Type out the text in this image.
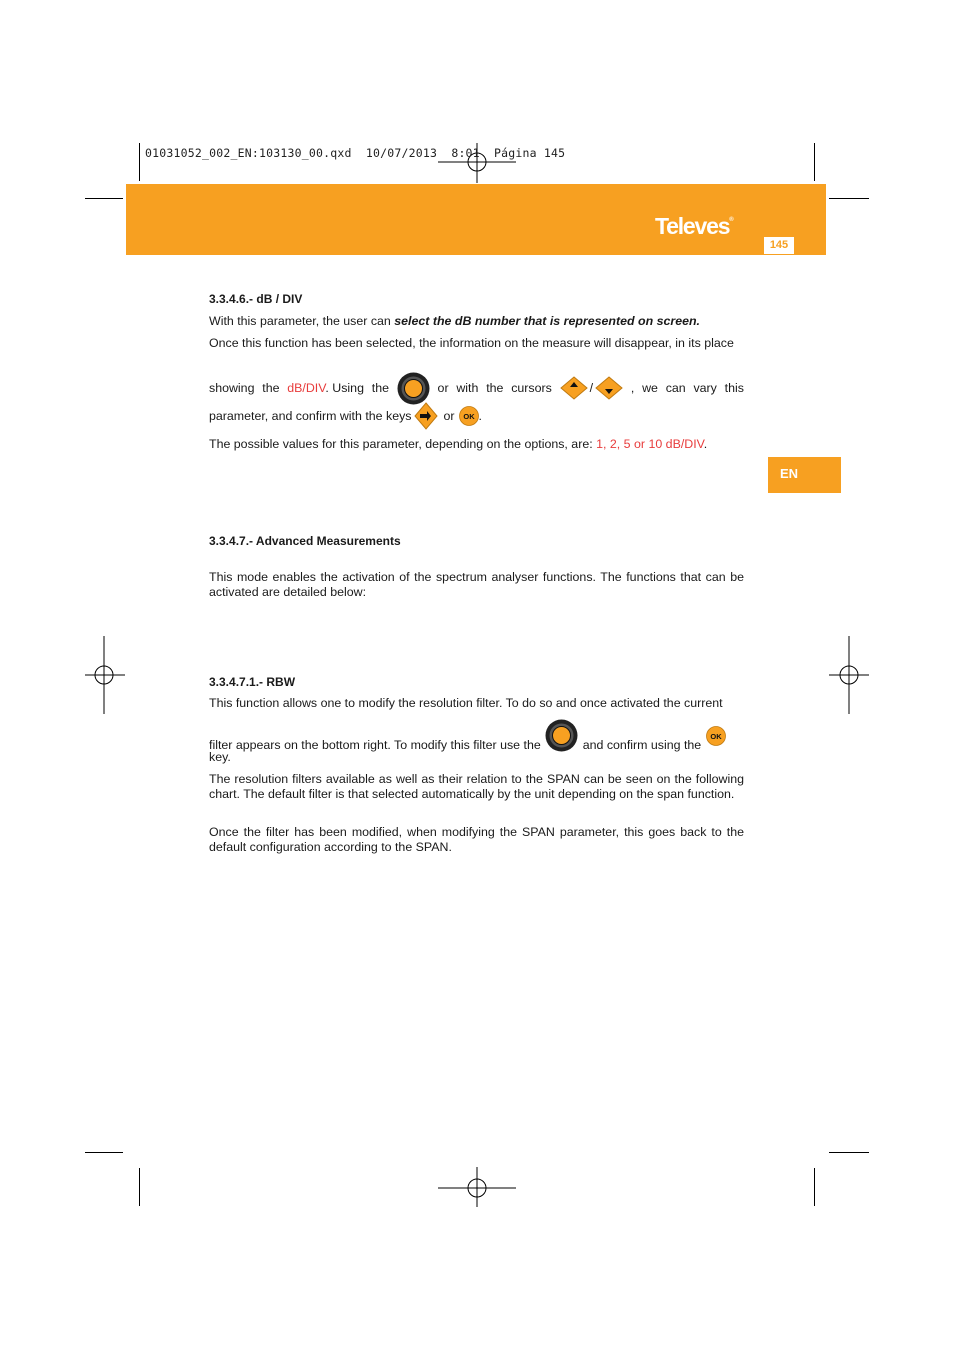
01031052_002_EN:103130_00.qxd  10/07/2013  8:01  Página 145
Televes®
145
EN
3.3.4.6.- dB / DIV
With this parameter, the user can select the dB number that is represented on screen.
Once this function has been selected, the information on the measure will disappear, in its place
showing the dB/DIV. Using the	or with the cursors	/	, we can vary this
parameter, and confirm with the keys	or OK .
The possible values for this parameter, depending on the options, are: 1, 2, 5 or 10 dB/DIV.
3.3.4.7.- Advanced Measurements
This mode enables the activation of the spectrum analyser functions. The functions that can be activated are detailed below:
3.3.4.7.1.- RBW
This function allows one to modify the resolution filter. To do so and once activated the current
filter appears on the bottom right. To modify this filter use the	and confirm using the
OK
key.
The resolution filters available as well as their relation to the SPAN can be seen on the following chart. The default filter is that selected automatically by the unit depending on the span function.
Once the filter has been modified, when modifying the SPAN parameter, this goes back to the default configuration according to the SPAN.
